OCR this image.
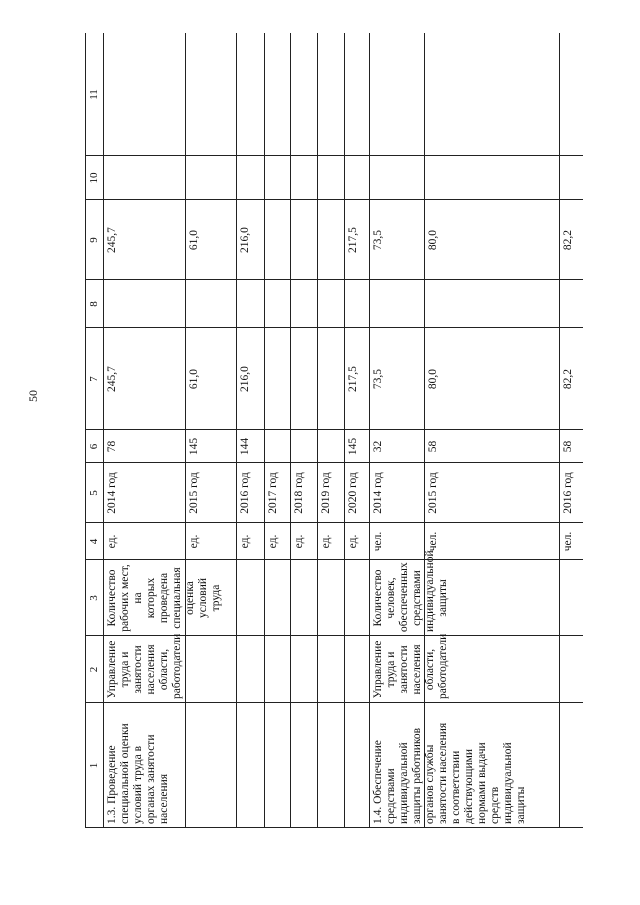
50
1
2
3
4
5
6
7
8
9
10
11
1.3. Проведение
специальной оценки
условий труда в
органах занятости
населения
Управление
труда и
занятости
населения
области,
работодатели
Количество
рабочих мест, на
которых проведена
специальная
оценка условий
труда
ед.
2014 год
78
245,7
245,7
ед.
2015 год
145
61,0
61,0
ед.
2016 год
144
216,0
216,0
ед.
2017 год
ед.
2018 год
ед.
2019 год
ед.
2020 год
145
217,5
217,5
1.4. Обеспечение
средствами
индивидуальной
защиты работников
органов службы
занятости населения
в соответствии
действующими
нормами выдачи
средств
индивидуальной
защиты
Управление
труда и
занятости
населения
области,
работодатели
Количество
человек,
обеспеченных
средствами
индивидуальной
защиты
чел.
2014 год
32
73,5
73,5
чел.
2015 год
58
80,0
80,0
чел.
2016 год
58
82,2
82,2
